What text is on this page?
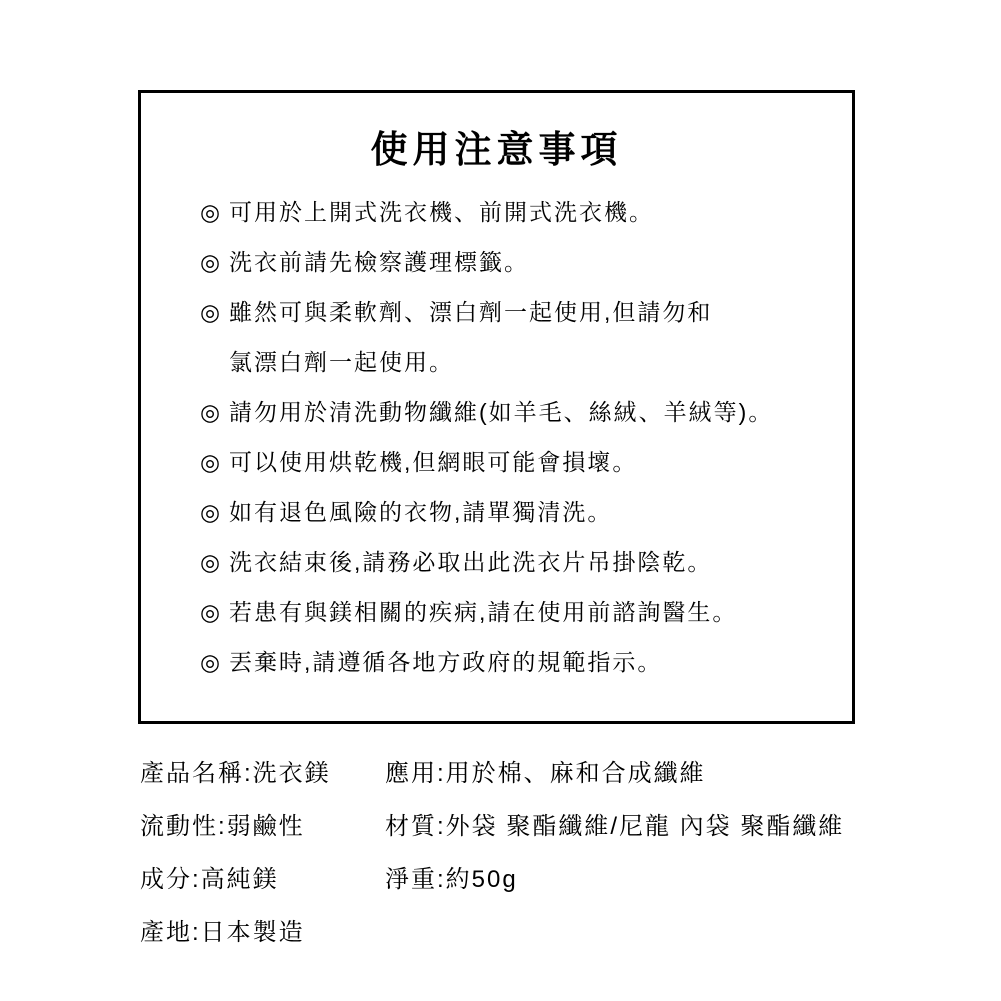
使用注意事項
◎ 可用於上開式洗衣機、前開式洗衣機。
◎ 洗衣前請先檢察護理標籤。
◎ 雖然可與柔軟劑、漂白劑一起使用,但請勿和
氯漂白劑一起使用。
◎ 請勿用於清洗動物纖維(如羊毛、絲絨、羊絨等)。
◎ 可以使用烘乾機,但網眼可能會損壞。
◎ 如有退色風險的衣物,請單獨清洗。
◎ 洗衣結束後,請務必取出此洗衣片吊掛陰乾。
◎ 若患有與鎂相關的疾病,請在使用前諮詢醫生。
◎ 丟棄時,請遵循各地方政府的規範指示。
產品名稱:洗衣鎂	應用:用於棉、麻和合成纖維
流動性:弱鹼性	材質:外袋 聚酯纖維/尼龍 內袋 聚酯纖維
成分:高純鎂	淨重:約50g
產地:日本製造
